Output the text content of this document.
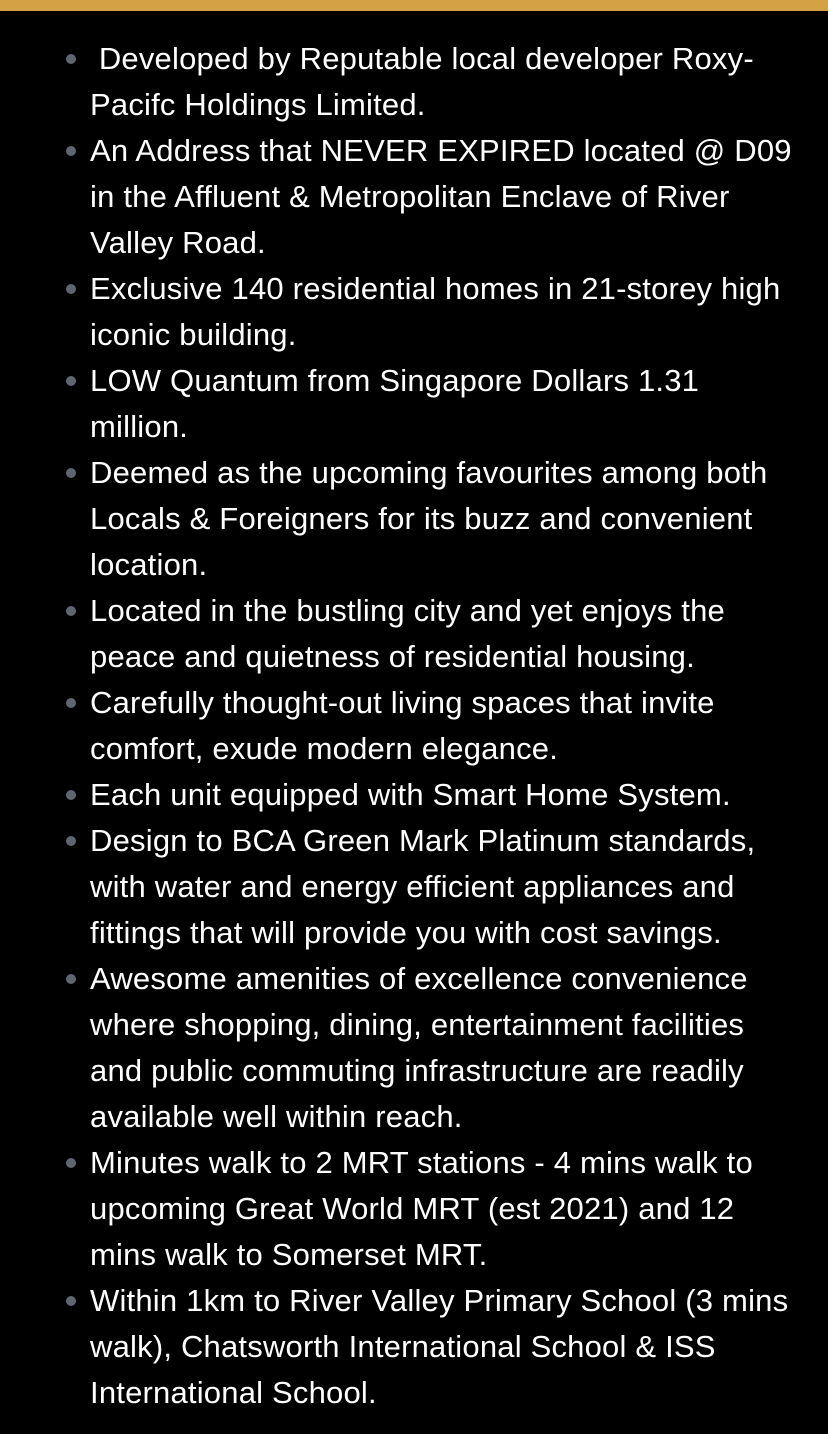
Developed by Reputable local developer Roxy-Pacifc Holdings Limited.
An Address that NEVER EXPIRED located @ D09 in the Affluent & Metropolitan Enclave of River Valley Road.
Exclusive 140 residential homes in 21-storey high iconic building.
LOW Quantum from Singapore Dollars 1.31 million.
Deemed as the upcoming favourites among both Locals & Foreigners for its buzz and convenient location.
Located in the bustling city and yet enjoys the peace and quietness of residential housing.
Carefully thought-out living spaces that invite comfort, exude modern elegance.
Each unit equipped with Smart Home System.
Design to BCA Green Mark Platinum standards, with water and energy efficient appliances and fittings that will provide you with cost savings.
Awesome amenities of excellence convenience where shopping, dining, entertainment facilities and public commuting infrastructure are readily available well within reach.
Minutes walk to 2 MRT stations - 4 mins walk to upcoming Great World MRT (est 2021) and 12 mins walk to Somerset MRT.
Within 1km to River Valley Primary School (3 mins walk), Chatsworth International School & ISS International School.
